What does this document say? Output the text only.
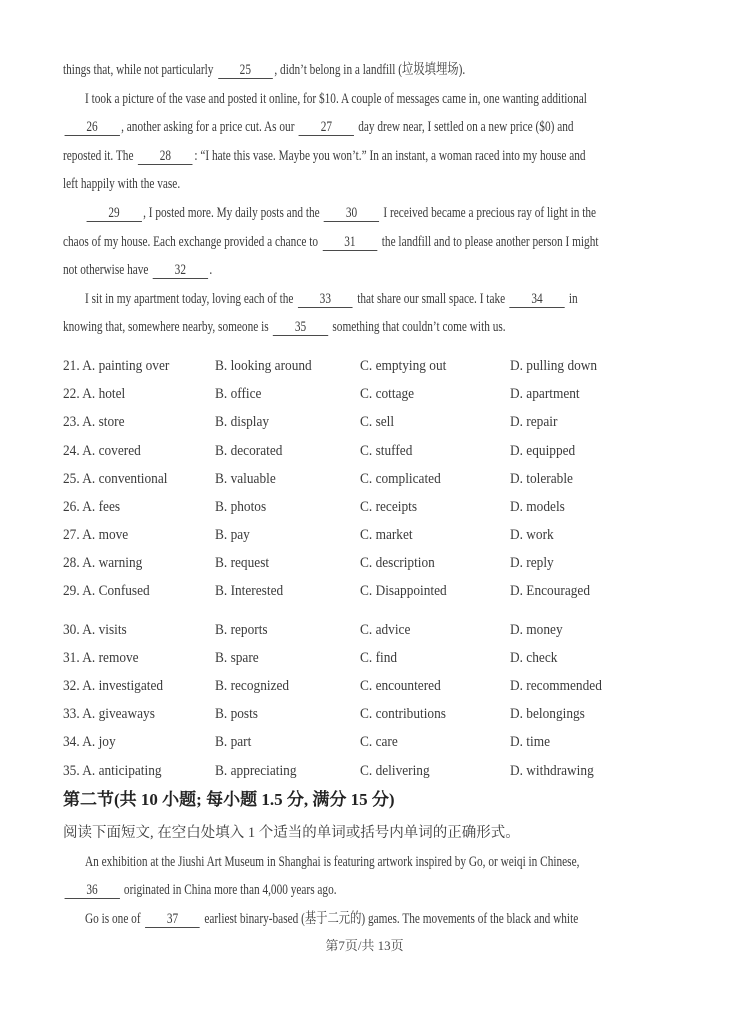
things that, while not particularly 25 , didn’t belong in a landfill (垃圾填埋场).
I took a picture of the vase and posted it online, for $10. A couple of messages came in, one wanting additional
26 , another asking for a price cut. As our 27 day drew near, I settled on a new price ($0) and
reposted it. The 28 : “I hate this vase. Maybe you won’t.” In an instant, a woman raced into my house and
left happily with the vase.
29 , I posted more. My daily posts and the 30 I received became a precious ray of light in the
chaos of my house. Each exchange provided a chance to 31 the landfill and to please another person I might
not otherwise have 32 .
I sit in my apartment today, loving each of the 33 that share our small space. I take 34 in
knowing that, somewhere nearby, someone is 35 something that couldn’t come with us.
21. A. painting over	B. looking around	C. emptying out	D. pulling down
22. A. hotel	B. office	C. cottage	D. apartment
23. A. store	B. display	C. sell	D. repair
24. A. covered	B. decorated	C. stuffed	D. equipped
25. A. conventional	B. valuable	C. complicated	D. tolerable
26. A. fees	B. photos	C. receipts	D. models
27. A. move	B. pay	C. market	D. work
28. A. warning	B. request	C. description	D. reply
29. A. Confused	B. Interested	C. Disappointed	D. Encouraged
30. A. visits	B. reports	C. advice	D. money
31. A. remove	B. spare	C. find	D. check
32. A. investigated	B. recognized	C. encountered	D. recommended
33. A. giveaways	B. posts	C. contributions	D. belongings
34. A. joy	B. part	C. care	D. time
35. A. anticipating	B. appreciating	C. delivering	D. withdrawing
第二节(共 10 小题; 每小题 1.5 分, 满分 15 分)
阅读下面短文, 在空白处填入 1 个适当的单词或括号内单词的正确形式。
An exhibition at the Jiushi Art Museum in Shanghai is featuring artwork inspired by Go, or weiqi in Chinese,
36 originated in China more than 4,000 years ago.
Go is one of 37 earliest binary-based (基于二元的) games. The movements of the black and white
第7页/共 13页
